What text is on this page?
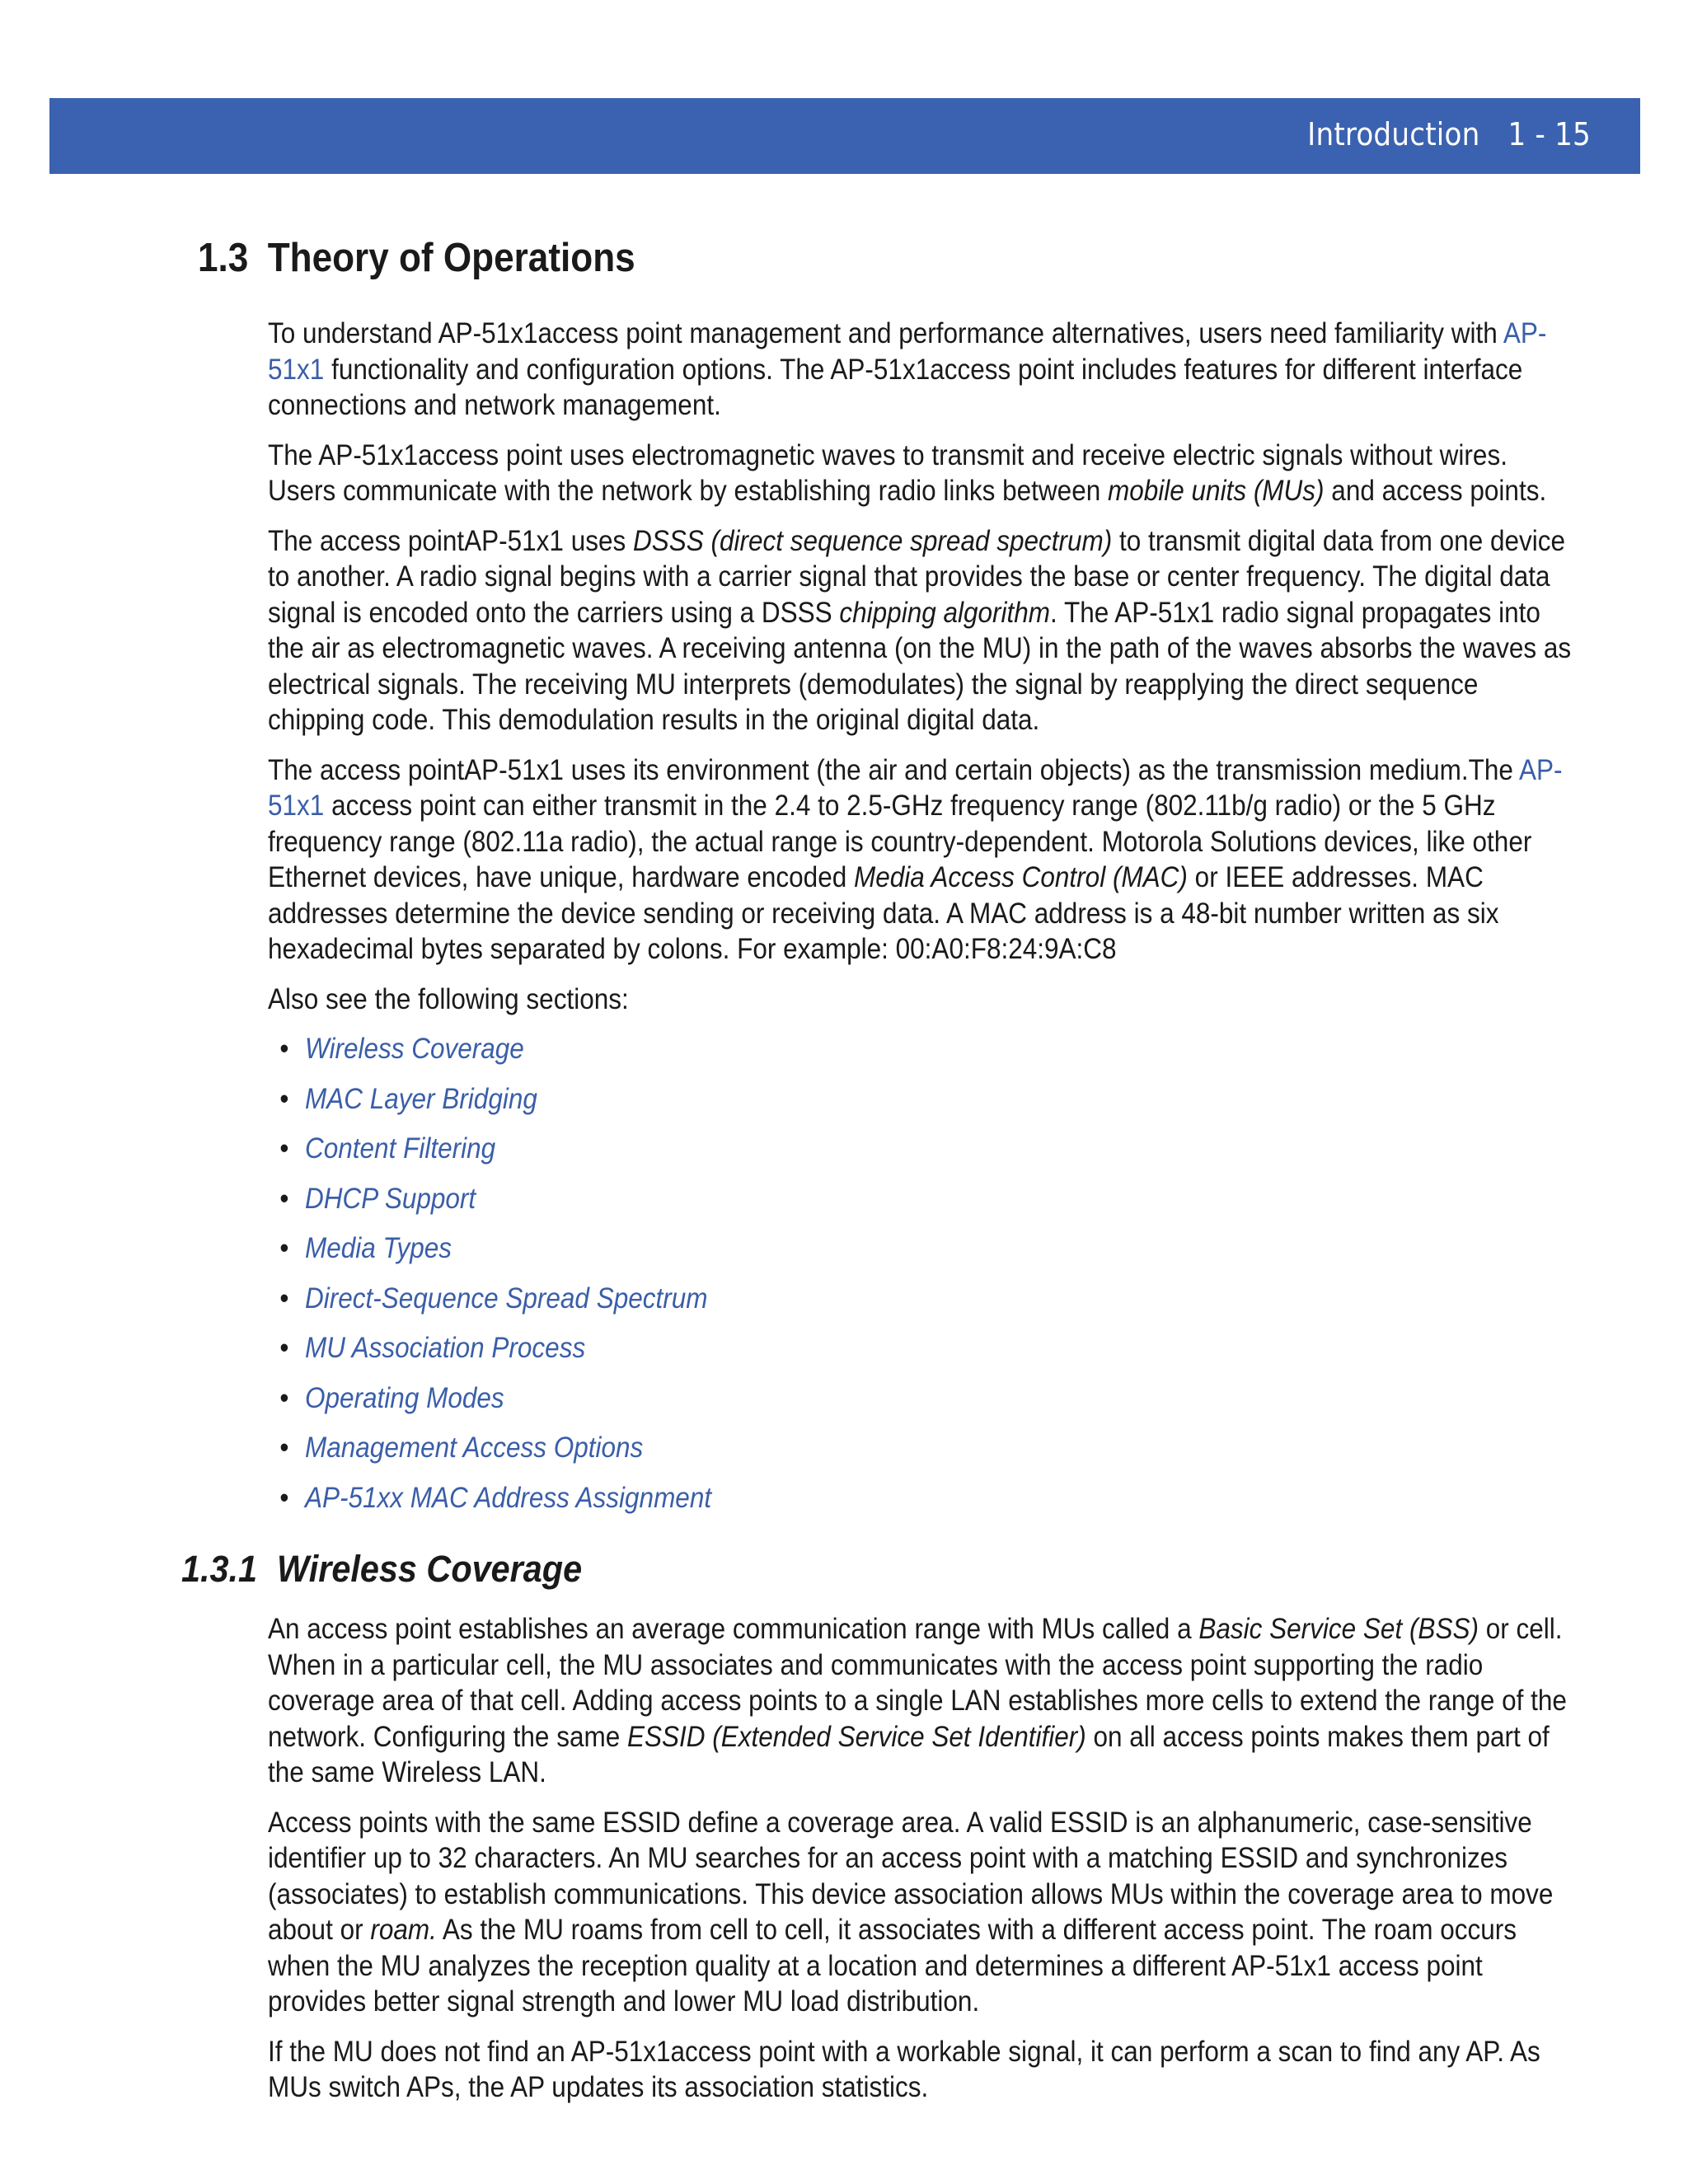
Introduction 1 - 15
1.3 Theory of Operations

To understand AP-51x1access point management and performance alternatives, users need familiarity with AP-51x1 functionality and configuration options. The AP-51x1access point includes features for different interface connections and network management.

The AP-51x1access point uses electromagnetic waves to transmit and receive electric signals without wires. Users communicate with the network by establishing radio links between mobile units (MUs) and access points.

The access pointAP-51x1 uses DSSS (direct sequence spread spectrum) to transmit digital data from one device to another. A radio signal begins with a carrier signal that provides the base or center frequency. The digital data signal is encoded onto the carriers using a DSSS chipping algorithm. The AP-51x1 radio signal propagates into the air as electromagnetic waves. A receiving antenna (on the MU) in the path of the waves absorbs the waves as electrical signals. The receiving MU interprets (demodulates) the signal by reapplying the direct sequence chipping code. This demodulation results in the original digital data.

The access pointAP-51x1 uses its environment (the air and certain objects) as the transmission medium.The AP-51x1 access point can either transmit in the 2.4 to 2.5-GHz frequency range (802.11b/g radio) or the 5 GHz frequency range (802.11a radio), the actual range is country-dependent. Motorola Solutions devices, like other Ethernet devices, have unique, hardware encoded Media Access Control (MAC) or IEEE addresses. MAC addresses determine the device sending or receiving data. A MAC address is a 48-bit number written as six hexadecimal bytes separated by colons. For example: 00:A0:F8:24:9A:C8

Also see the following sections:

• Wireless Coverage
• MAC Layer Bridging
• Content Filtering
• DHCP Support
• Media Types
• Direct-Sequence Spread Spectrum
• MU Association Process
• Operating Modes
• Management Access Options
• AP-51xx MAC Address Assignment
1.3.1 Wireless Coverage

An access point establishes an average communication range with MUs called a Basic Service Set (BSS) or cell. When in a particular cell, the MU associates and communicates with the access point supporting the radio coverage area of that cell. Adding access points to a single LAN establishes more cells to extend the range of the network. Configuring the same ESSID (Extended Service Set Identifier) on all access points makes them part of the same Wireless LAN.

Access points with the same ESSID define a coverage area. A valid ESSID is an alphanumeric, case-sensitive identifier up to 32 characters. An MU searches for an access point with a matching ESSID and synchronizes (associates) to establish communications. This device association allows MUs within the coverage area to move about or roam. As the MU roams from cell to cell, it associates with a different access point. The roam occurs when the MU analyzes the reception quality at a location and determines a different AP-51x1 access point provides better signal strength and lower MU load distribution.

If the MU does not find an AP-51x1access point with a workable signal, it can perform a scan to find any AP. As MUs switch APs, the AP updates its association statistics.
